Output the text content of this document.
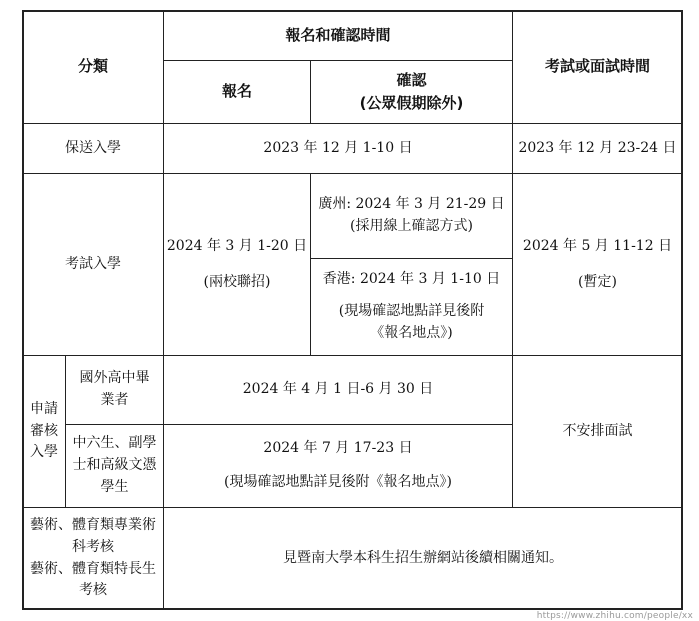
分類
報名和確認時間
報名
確認
(公眾假期除外)
考試或面試時間
保送入學	2023 年 12 月 1-10 日	2023 年 12 月 23-24 日
考試入學
2024 年 3 月 1-20 日
(兩校聯招)
廣州: 2024 年 3 月 21-29 日
(採用線上確認方式)
香港: 2024 年 3 月 1-10 日
(現場確認地點詳見後附
《報名地点》)
2024 年 5 月 11-12 日
(暫定)
申請審核入學
國外高中畢業者
2024 年 4 月 1 日-6 月 30 日
中六生、副學士和高級文憑學生
2024 年 7 月 17-23 日
(現場確認地點詳見後附《報名地点》)
不安排面試
藝術、體育類專業術科考核
藝術、體育類特長生考核
見暨南大學本科生招生辦網站後續相關通知。
https://www.zhihu.com/people/xx
